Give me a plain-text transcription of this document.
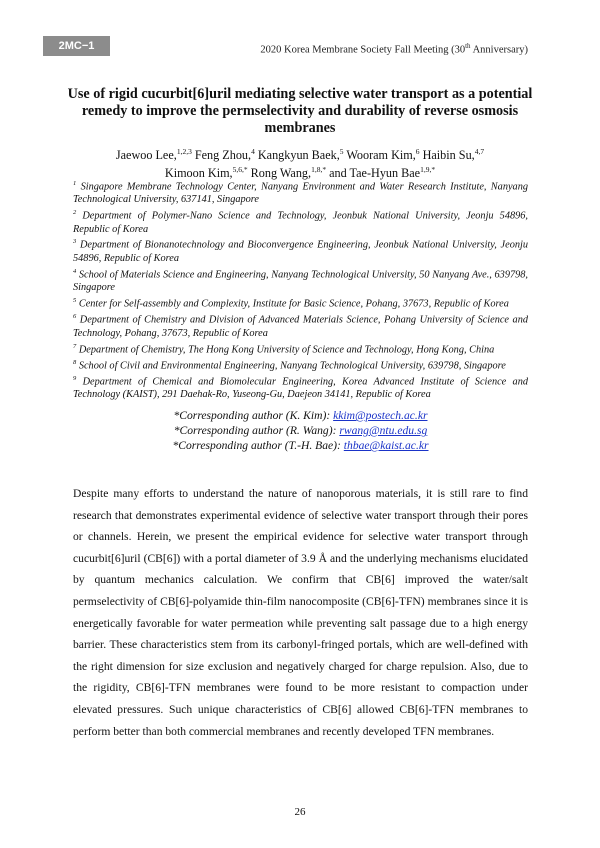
2MC−1	2020 Korea Membrane Society Fall Meeting (30th Anniversary)
Use of rigid cucurbit[6]uril mediating selective water transport as a potential remedy to improve the permselectivity and durability of reverse osmosis membranes
Jaewoo Lee,$^{1,2,3}$ Feng Zhou,$^4$ Kangkyun Baek,$^5$ Wooram Kim,$^6$ Haibin Su,$^{4,7}$
Kimoon Kim,$^{5,6,*}$ Rong Wang,$^{1,8,*}$ and Tae-Hyun Bae$^{1,9,*}$

$^1$ Singapore Membrane Technology Center, Nanyang Environment and Water Research Institute, Nanyang Technological University, 637141, Singapore

$^2$ Department of Polymer-Nano Science and Technology, Jeonbuk National University, Jeonju 54896, Republic of Korea

$^3$ Department of Bionanotechnology and Bioconvergence Engineering, Jeonbuk National University, Jeonju 54896, Republic of Korea

$^4$ School of Materials Science and Engineering, Nanyang Technological University, 50 Nanyang Ave., 639798, Singapore

$^5$ Center for Self-assembly and Complexity, Institute for Basic Science, Pohang, 37673, Republic of Korea

$^6$ Department of Chemistry and Division of Advanced Materials Science, Pohang University of Science and Technology, Pohang, 37673, Republic of Korea

$^7$ Department of Chemistry, The Hong Kong University of Science and Technology, Hong Kong, China

$^8$ School of Civil and Environmental Engineering, Nanyang Technological University, 639798, Singapore

$^9$ Department of Chemical and Biomolecular Engineering, Korea Advanced Institute of Science and Technology (KAIST), 291 Daehak-Ro, Yuseong-Gu, Daejeon 34141, Republic of Korea

*Corresponding author (K. Kim): kkim@postech.ac.kr
*Corresponding author (R. Wang): rwang@ntu.edu.sg
*Corresponding author (T.-H. Bae): thbae@kaist.ac.kr
Despite many efforts to understand the nature of nanoporous materials, it is still rare to find research that demonstrates experimental evidence of selective water transport through their pores or channels. Herein, we present the empirical evidence for selective water transport through cucurbit[6]uril (CB[6]) with a portal diameter of 3.9 Å and the underlying mechanisms elucidated by quantum mechanics calculation. We confirm that CB[6] improved the water/salt permselectivity of CB[6]-polyamide thin-film nanocomposite (CB[6]-TFN) membranes since it is energetically favorable for water permeation while preventing salt passage due to a high energy barrier. These characteristics stem from its carbonyl-fringed portals, which are well-defined with the right dimension for size exclusion and negatively charged for charge repulsion. Also, due to the rigidity, CB[6]-TFN membranes were found to be more resistant to compaction under elevated pressures. Such unique characteristics of CB[6] allowed CB[6]-TFN membranes to perform better than both commercial membranes and recently developed TFN membranes.
26
